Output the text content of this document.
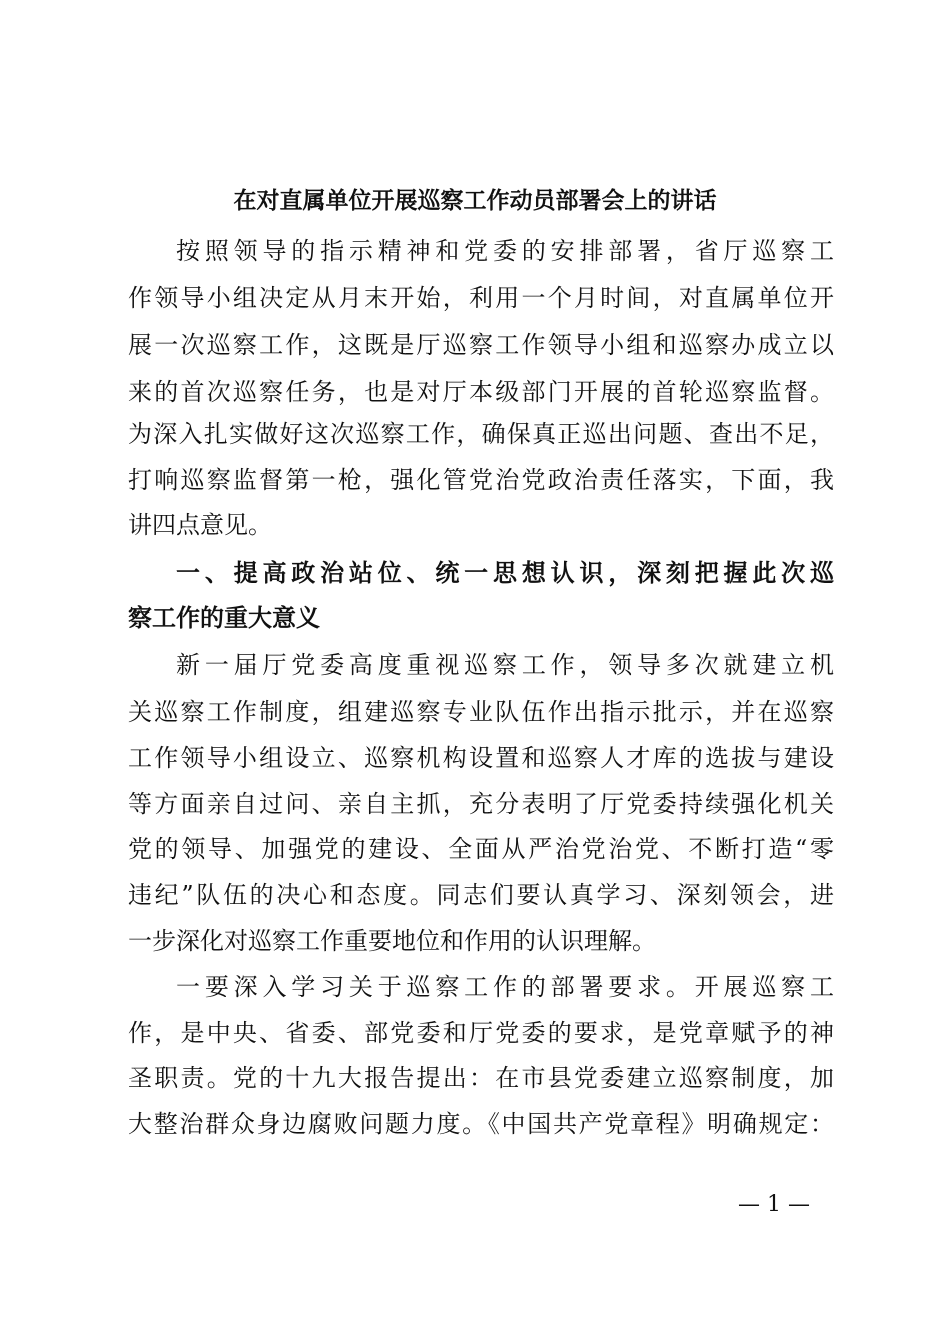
在对直属单位开展巡察工作动员部署会上的讲话
按照领导的指示精神和党委的安排部署，省厅巡察工
作领导小组决定从月末开始，利用一个月时间，对直属单位开
展一次巡察工作，这既是厅巡察工作领导小组和巡察办成立以
来的首次巡察任务，也是对厅本级部门开展的首轮巡察监督。
为深入扎实做好这次巡察工作，确保真正巡出问题、查出不足，
打响巡察监督第一枪，强化管党治党政治责任落实，下面，我
讲四点意见。
一、提高政治站位、统一思想认识，深刻把握此次巡
察工作的重大意义
新一届厅党委高度重视巡察工作，领导多次就建立机
关巡察工作制度，组建巡察专业队伍作出指示批示，并在巡察
工作领导小组设立、巡察机构设置和巡察人才库的选拔与建设
等方面亲自过问、亲自主抓，充分表明了厅党委持续强化机关
党的领导、加强党的建设、全面从严治党治党、不断打造“零
违纪”队伍的决心和态度。同志们要认真学习、深刻领会，进
一步深化对巡察工作重要地位和作用的认识理解。
一要深入学习关于巡察工作的部署要求。开展巡察工
作，是中央、省委、部党委和厅党委的要求，是党章赋予的神
圣职责。党的十九大报告提出：在市县党委建立巡察制度，加
大整治群众身边腐败问题力度。《中国共产党章程》明确规定：
— 1 —
